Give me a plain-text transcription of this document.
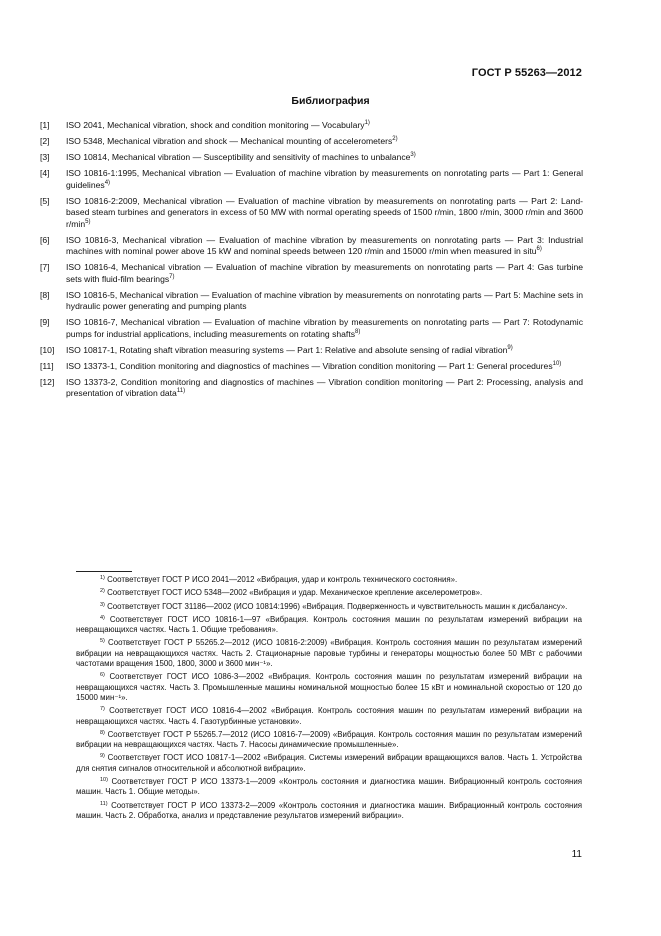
ГОСТ Р 55263—2012
Библиография
[1]	ISO 2041, Mechanical vibration, shock and condition monitoring — Vocabulary$^{1)}$
[2]	ISO 5348, Mechanical vibration and shock — Mechanical mounting of accelerometers$^{2)}$
[3]	ISO 10814, Mechanical vibration — Susceptibility and sensitivity of machines to unbalance$^{3)}$
[4]	ISO 10816-1:1995, Mechanical vibration — Evaluation of machine vibration by measurements on nonrotating parts — Part 1: General guidelines$^{4)}$
[5]	ISO 10816-2:2009, Mechanical vibration — Evaluation of machine vibration by measurements on nonrotating parts — Part 2: Land-based steam turbines and generators in excess of 50 MW with normal operating speeds of 1500 r/min, 1800 r/min, 3000 r/min and 3600 $r/\min^{5)}$
[6]	ISO 10816-3, Mechanical vibration — Evaluation of machine vibration by measurements on nonrotating parts — Part 3: Industrial machines with nominal power above 15 kW and nominal speeds between 120 r/min and 15000 r/min when measured in situ$^{6)}$
[7]	ISO 10816-4, Mechanical vibration — Evaluation of machine vibration by measurements on nonrotating parts — Part 4: Gas turbine sets with fluid-film bearings$^{7)}$
[8]	ISO 10816-5, Mechanical vibration — Evaluation of machine vibration by measurements on nonrotating parts — Part 5: Machine sets in hydraulic power generating and pumping plants
[9]	ISO 10816-7, Mechanical vibration — Evaluation of machine vibration by measurements on nonrotating parts — Part 7: Rotodynamic pumps for industrial applications, including measurements on rotating shafts$^{8)}$
[10]	ISO 10817-1, Rotating shaft vibration measuring systems — Part 1: Relative and absolute sensing of radial vibration$^{9)}$
[11]	ISO 13373-1, Condition monitoring and diagnostics of machines — Vibration condition monitoring — Part 1: General procedures$^{10)}$
[12]	ISO 13373-2, Condition monitoring and diagnostics of machines — Vibration condition monitoring — Part 2: Processing, analysis and presentation of vibration data$^{11)}$
$^{1)}$ Соответствует ГОСТ Р ИСО 2041—2012 «Вибрация, удар и контроль технического состояния».
$^{2)}$ Соответствует ГОСТ ИСО 5348—2002 «Вибрация и удар. Механическое крепление акселерометров».
$^{3)}$ Соответствует ГОСТ 31186—2002 (ИСО 10814:1996) «Вибрация. Подверженность и чувствительность машин к дисбалансу».
$^{4)}$ Соответствует ГОСТ ИСО 10816-1—97 «Вибрация. Контроль состояния машин по результатам измерений вибрации на невращающихся частях. Часть 1. Общие требования».
$^{5)}$ Соответствует ГОСТ Р 55265.2—2012 (ИСО 10816-2:2009) «Вибрация. Контроль состояния машин по результатам измерений вибрации на невращающихся частях. Часть 2. Стационарные паровые турбины и генераторы мощностью более 50 МВт с рабочими частотами вращения 1500, 1800, 3000 и 3600 мин⁻¹».
$^{6)}$ Соответствует ГОСТ ИСО 1086-3—2002 «Вибрация. Контроль состояния машин по результатам измерений вибрации на невращающихся частях. Часть 3. Промышленные машины номинальной мощностью более 15 кВт и номинальной скоростью от 120 до 15000 мин⁻¹».
$^{7)}$ Соответствует ГОСТ ИСО 10816-4—2002 «Вибрация. Контроль состояния машин по результатам измерений вибрации на невращающихся частях. Часть 4. Газотурбинные установки».
$^{8)}$ Соответствует ГОСТ Р 55265.7—2012 (ИСО 10816-7—2009) «Вибрация. Контроль состояния машин по результатам измерений вибрации на невращающихся частях. Часть 7. Насосы динамические промышленные».
$^{9)}$ Соответствует ГОСТ ИСО 10817-1—2002 «Вибрация. Системы измерений вибрации вращающихся валов. Часть 1. Устройства для снятия сигналов относительной и абсолютной вибрации».
$^{10)}$ Соответствует ГОСТ Р ИСО 13373-1—2009 «Контроль состояния и диагностика машин. Вибрационный контроль состояния машин. Часть 1. Общие методы».
$^{11)}$ Соответствует ГОСТ Р ИСО 13373-2—2009 «Контроль состояния и диагностика машин. Вибрационный контроль состояния машин. Часть 2. Обработка, анализ и представление результатов измерений вибрации».
11
